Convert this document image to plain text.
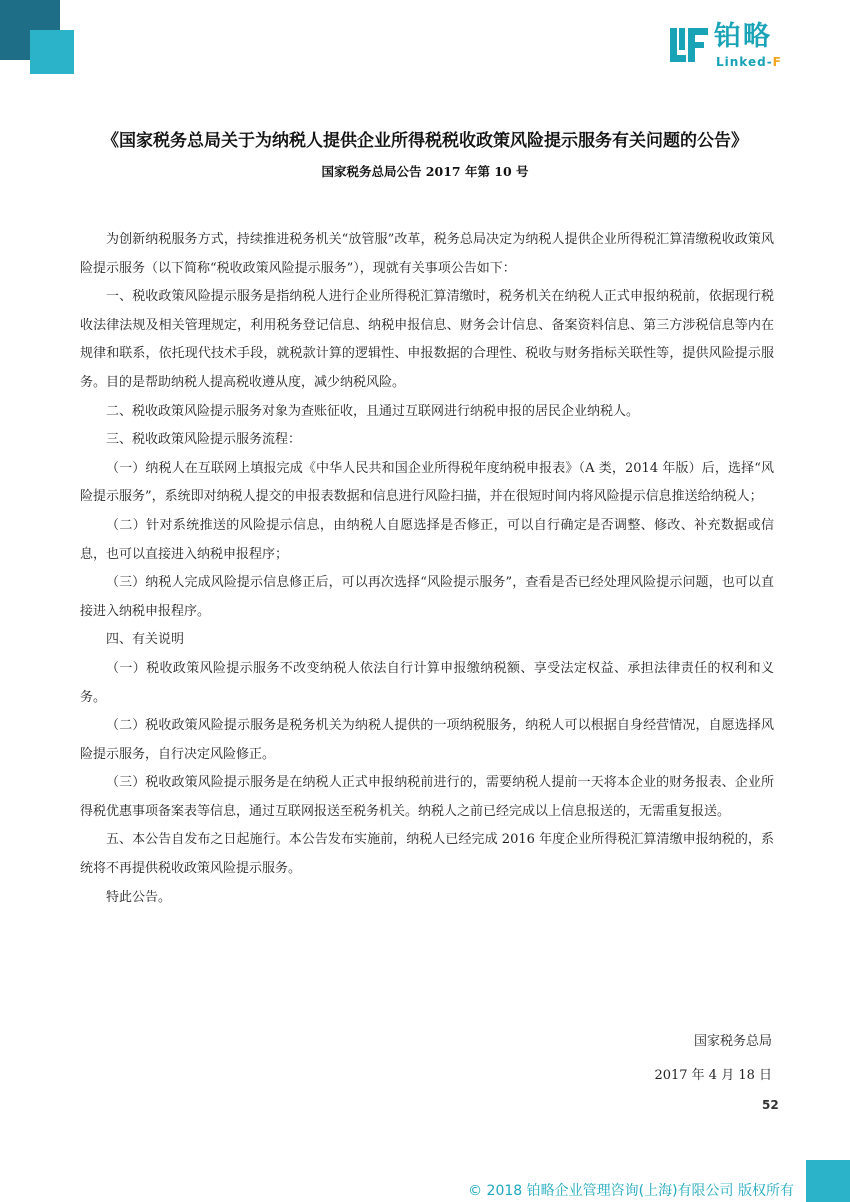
铂略
Linked-F
《国家税务总局关于为纳税人提供企业所得税税收政策风险提示服务有关问题的公告》
国家税务总局公告 2017 年第 10 号

为创新纳税服务方式，持续推进税务机关“放管服”改革，税务总局决定为纳税人提供企业所得税汇算清缴税收政策风险提示服务（以下简称“税收政策风险提示服务”），现就有关事项公告如下：

一、税收政策风险提示服务是指纳税人进行企业所得税汇算清缴时，税务机关在纳税人正式申报纳税前，依据现行税收法律法规及相关管理规定，利用税务登记信息、纳税申报信息、财务会计信息、备案资料信息、第三方涉税信息等内在规律和联系，依托现代技术手段，就税款计算的逻辑性、申报数据的合理性、税收与财务指标关联性等，提供风险提示服务。目的是帮助纳税人提高税收遵从度，减少纳税风险。

二、税收政策风险提示服务对象为查账征收，且通过互联网进行纳税申报的居民企业纳税人。

三、税收政策风险提示服务流程：

（一）纳税人在互联网上填报完成《中华人民共和国企业所得税年度纳税申报表》（A 类，2014 年版）后，选择“风险提示服务”，系统即对纳税人提交的申报表数据和信息进行风险扫描，并在很短时间内将风险提示信息推送给纳税人；

（二）针对系统推送的风险提示信息，由纳税人自愿选择是否修正，可以自行确定是否调整、修改、补充数据或信息，也可以直接进入纳税申报程序；

（三）纳税人完成风险提示信息修正后，可以再次选择“风险提示服务”，查看是否已经处理风险提示问题，也可以直接进入纳税申报程序。

四、有关说明

（一）税收政策风险提示服务不改变纳税人依法自行计算申报缴纳税额、享受法定权益、承担法律责任的权利和义务。

（二）税收政策风险提示服务是税务机关为纳税人提供的一项纳税服务，纳税人可以根据自身经营情况，自愿选择风险提示服务，自行决定风险修正。

（三）税收政策风险提示服务是在纳税人正式申报纳税前进行的，需要纳税人提前一天将本企业的财务报表、企业所得税优惠事项备案表等信息，通过互联网报送至税务机关。纳税人之前已经完成以上信息报送的，无需重复报送。

五、本公告自发布之日起施行。本公告发布实施前，纳税人已经完成 2016 年度企业所得税汇算清缴申报纳税的，系统将不再提供税收政策风险提示服务。

特此公告。

国家税务总局
2017 年 4 月 18 日
52
© 2018 铂略企业管理咨询(上海)有限公司 版权所有
